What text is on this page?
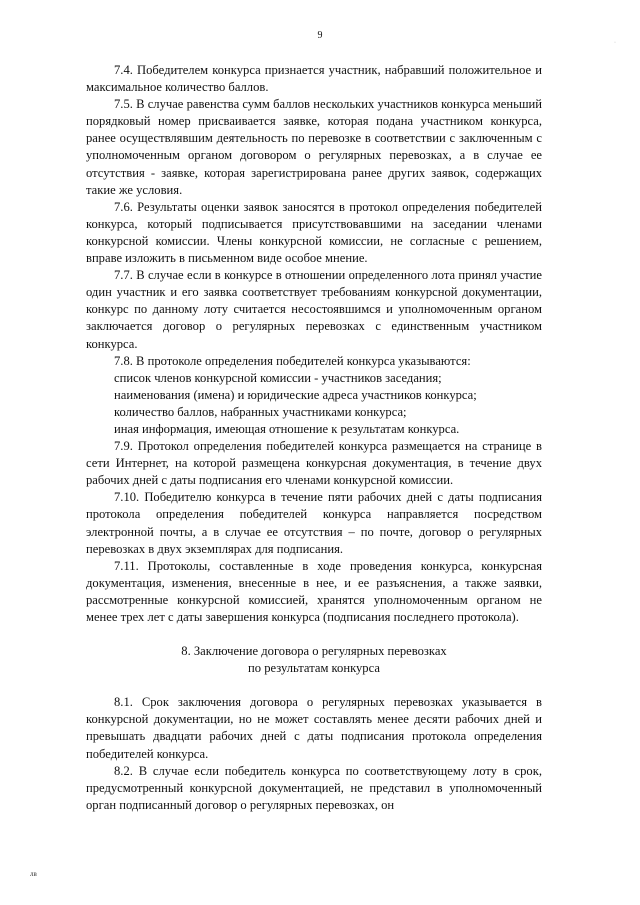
9
·

7.4. Победителем конкурса признается участник, набравший положительное и максимальное количество баллов.

7.5. В случае равенства сумм баллов нескольких участников конкурса меньший порядковый номер присваивается заявке, которая подана участником конкурса, ранее осуществлявшим деятельность по перевозке в соответствии с заключенным с уполномоченным органом договором о регулярных перевозках, а в случае ее отсутствия - заявке, которая зарегистрирована ранее других заявок, содержащих такие же условия.

7.6. Результаты оценки заявок заносятся в протокол определения победителей конкурса, который подписывается присутствовавшими на заседании членами конкурсной комиссии. Члены конкурсной комиссии, не согласные с решением, вправе изложить в письменном виде особое мнение.

7.7. В случае если в конкурсе в отношении определенного лота принял участие один участник и его заявка соответствует требованиям конкурсной документации, конкурс по данному лоту считается несостоявшимся и уполномоченным органом заключается договор о регулярных перевозках с единственным участником конкурса.

7.8. В протоколе определения победителей конкурса указываются:

список членов конкурсной комиссии - участников заседания;

наименования (имена) и юридические адреса участников конкурса;

количество баллов, набранных участниками конкурса;

иная информация, имеющая отношение к результатам конкурса.

7.9. Протокол определения победителей конкурса размещается на странице в сети Интернет, на которой размещена конкурсная документация, в течение двух рабочих дней с даты подписания его членами конкурсной комиссии.

7.10. Победителю конкурса в течение пяти рабочих дней с даты подписания протокола определения победителей конкурса направляется посредством электронной почты, а в случае ее отсутствия – по почте, договор о регулярных перевозках в двух экземплярах для подписания.

7.11. Протоколы, составленные в ходе проведения конкурса, конкурсная документация, изменения, внесенные в нее, и ее разъяснения, а также заявки, рассмотренные конкурсной комиссией, хранятся уполномоченным органом не менее трех лет с даты завершения конкурса (подписания последнего протокола).

8. Заключение договора о регулярных перевозках
по результатам конкурса

8.1. Срок заключения договора о регулярных перевозках указывается в конкурсной документации, но не может составлять менее десяти рабочих дней и превышать двадцати рабочих дней с даты подписания протокола определения победителей конкурса.

8.2. В случае если победитель конкурса по соответствующему лоту в срок, предусмотренный конкурсной документацией, не представил в уполномоченный орган подписанный договор о регулярных перевозках, он

лв
